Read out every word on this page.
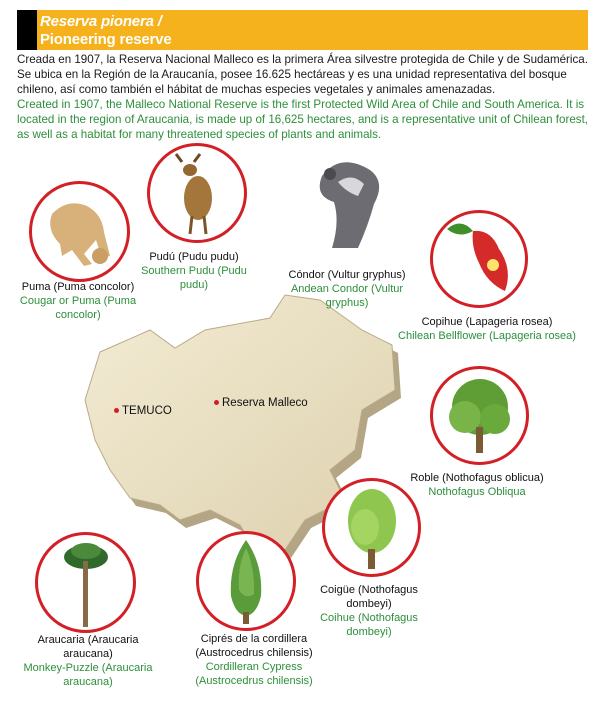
Reserva pionera /
Pioneering reserve

Creada en 1907, la Reserva Nacional Malleco es la primera Área silvestre protegida de Chile y de Sudamérica. Se ubica en la Región de la Araucanía, posee 16.625 hectáreas y es una unidad representativa del bosque chileno, así como también el hábitat de muchas especies vegetales y animales amenazadas.

Created in 1907, the Malleco National Reserve is the first Protected Wild Area of Chile and South America. It is located in the region of Araucania, is made up of 16,625 hectares, and is a representative unit of Chilean forest, as well as a habitat for many threatened species of plants and animals.

TEMUCO
Reserva Malleco
Puma (Puma concolor)
Cougar or Puma (Puma concolor)
Pudú (Pudu pudu)
Southern Pudu (Pudu pudu)
Cóndor (Vultur gryphus)
Andean Condor (Vultur gryphus)
Copihue (Lapageria rosea)
Chilean Bellflower (Lapageria rosea)
Roble (Nothofagus oblicua)
Nothofagus Obliqua
Coigüe (Nothofagus dombeyi)
Coihue (Nothofagus dombeyi)
Ciprés de la cordillera (Austrocedrus chilensis)
Cordilleran Cypress (Austrocedrus chilensis)
Araucaria (Araucaria araucana)
Monkey-Puzzle (Araucaria araucana)
